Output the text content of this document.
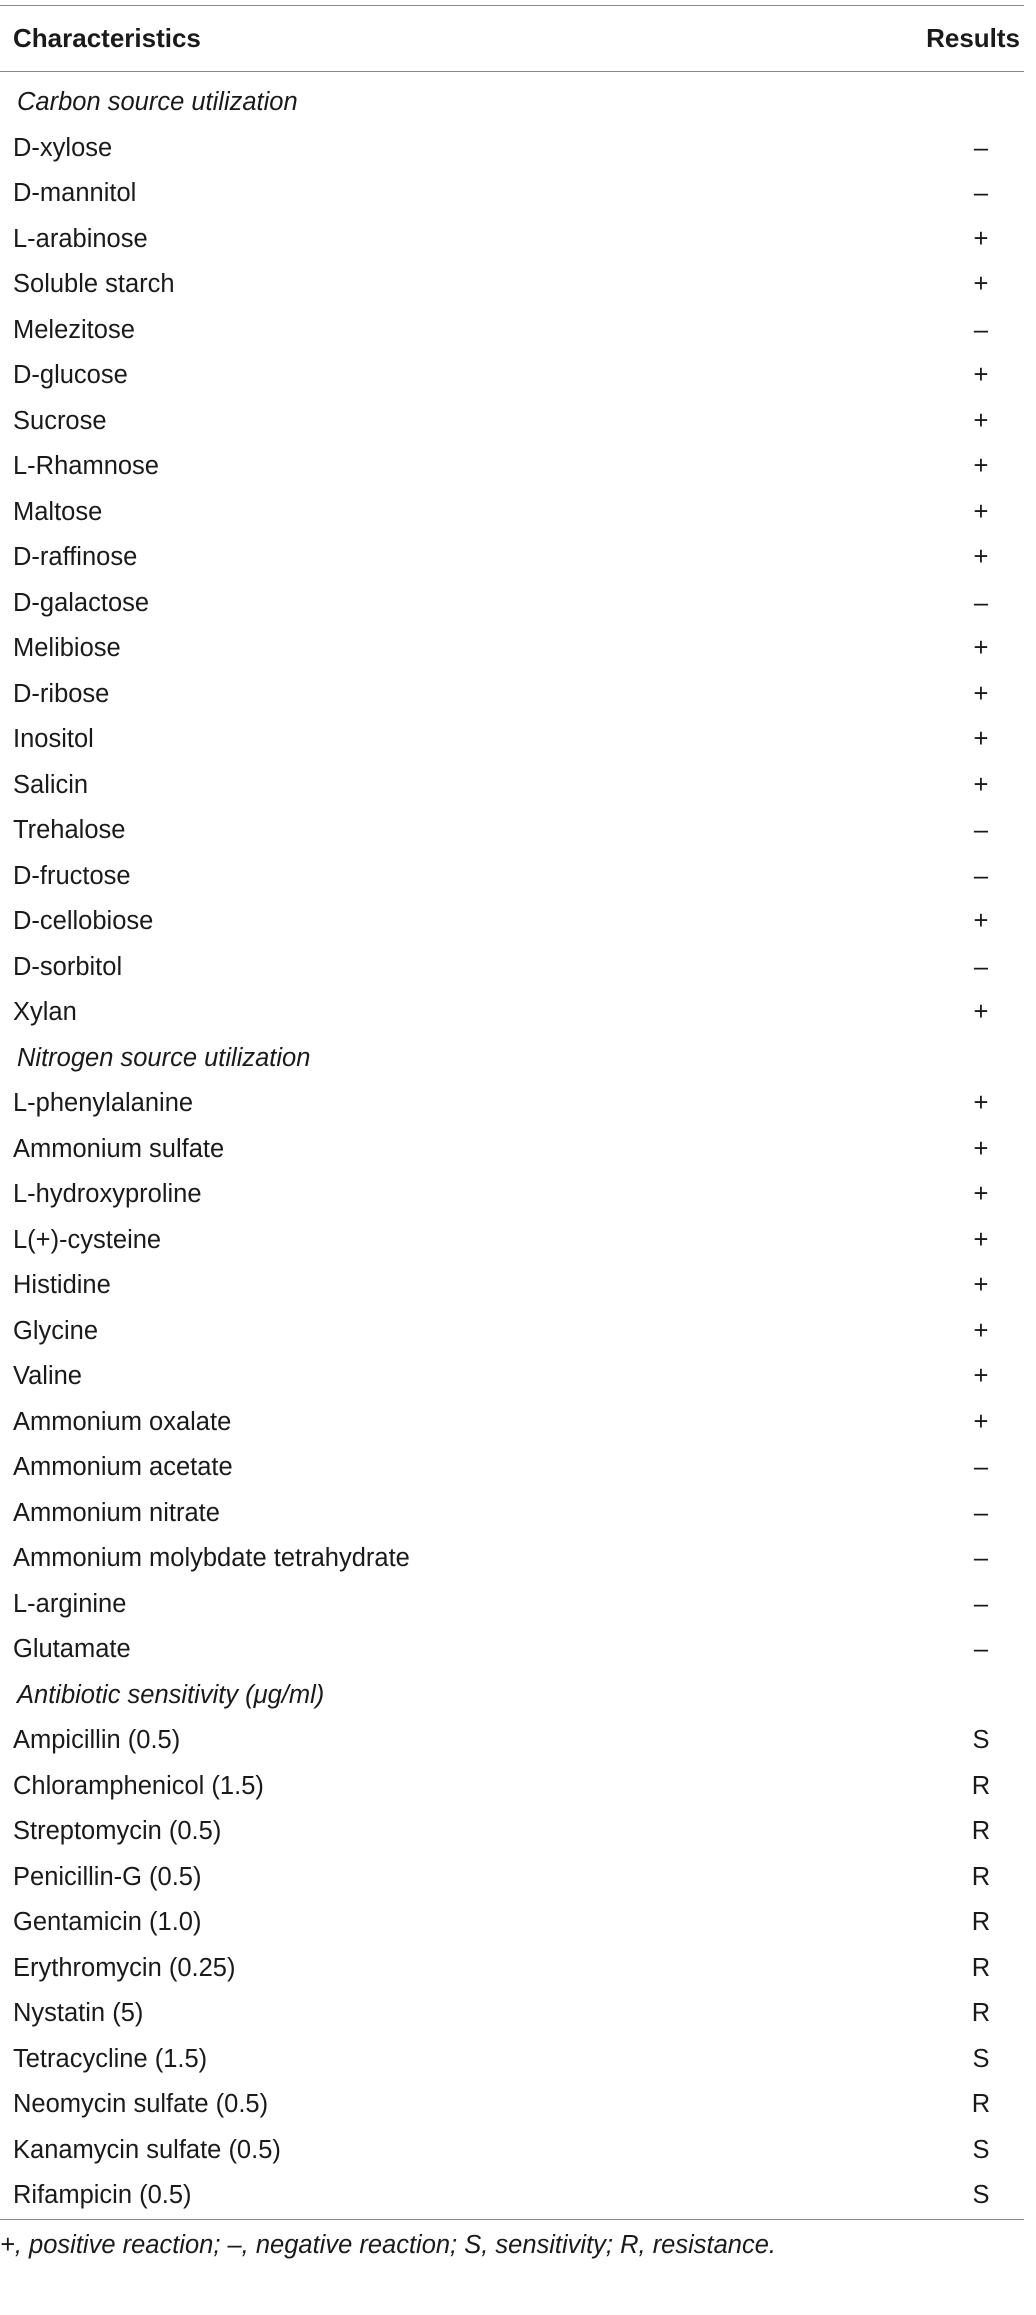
Characteristics	Results
Carbon source utilization
D-xylose	–
D-mannitol	–
L-arabinose	+
Soluble starch	+
Melezitose	–
D-glucose	+
Sucrose	+
L-Rhamnose	+
Maltose	+
D-raffinose	+
D-galactose	–
Melibiose	+
D-ribose	+
Inositol	+
Salicin	+
Trehalose	–
D-fructose	–
D-cellobiose	+
D-sorbitol	–
Xylan	+
Nitrogen source utilization
L-phenylalanine	+
Ammonium sulfate	+
L-hydroxyproline	+
L(+)-cysteine	+
Histidine	+
Glycine	+
Valine	+
Ammonium oxalate	+
Ammonium acetate	–
Ammonium nitrate	–
Ammonium molybdate tetrahydrate	–
L-arginine	–
Glutamate	–
Antibiotic sensitivity (μg/ml)
Ampicillin (0.5)	S
Chloramphenicol (1.5)	R
Streptomycin (0.5)	R
Penicillin-G (0.5)	R
Gentamicin (1.0)	R
Erythromycin (0.25)	R
Nystatin (5)	R
Tetracycline (1.5)	S
Neomycin sulfate (0.5)	R
Kanamycin sulfate (0.5)	S
Rifampicin (0.5)	S
+, positive reaction; –, negative reaction; S, sensitivity; R, resistance.
